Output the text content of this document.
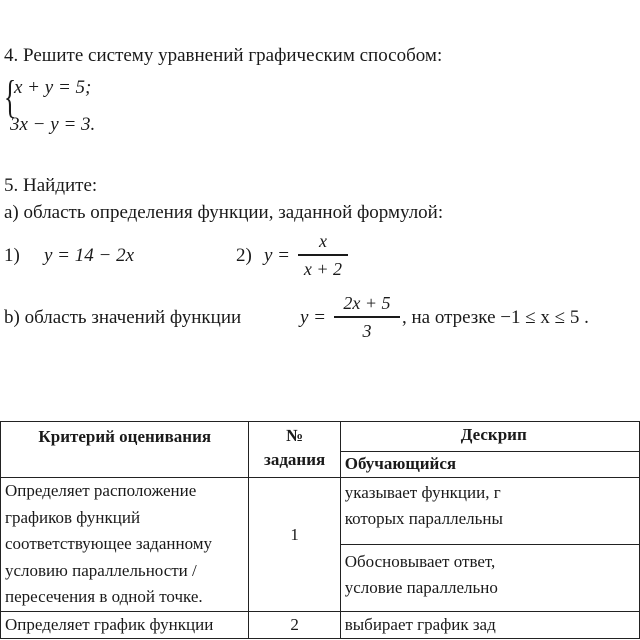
4. Решите систему уравнений графическим способом:
{
x + y = 5;
3x − y = 3.
5. Найдите:
a) область определения функции, заданной формулой:
1) y = 14 − 2x	2) y =
x
x + 2
b) область значений функции	y =
2x + 5
3
, на отрезке −1 ≤ x ≤ 5 .
Критерий оценивания	№
задания	Дескрип
		Обучающийся
Определяет расположение
графиков функций
соответствующее заданному
условию параллельности /
пересечения в одной точке.	1	указывает функции, г
которых параллельны
		Обосновывает ответ,
условие параллельно
Определяет график функции	2	выбирает график зад
